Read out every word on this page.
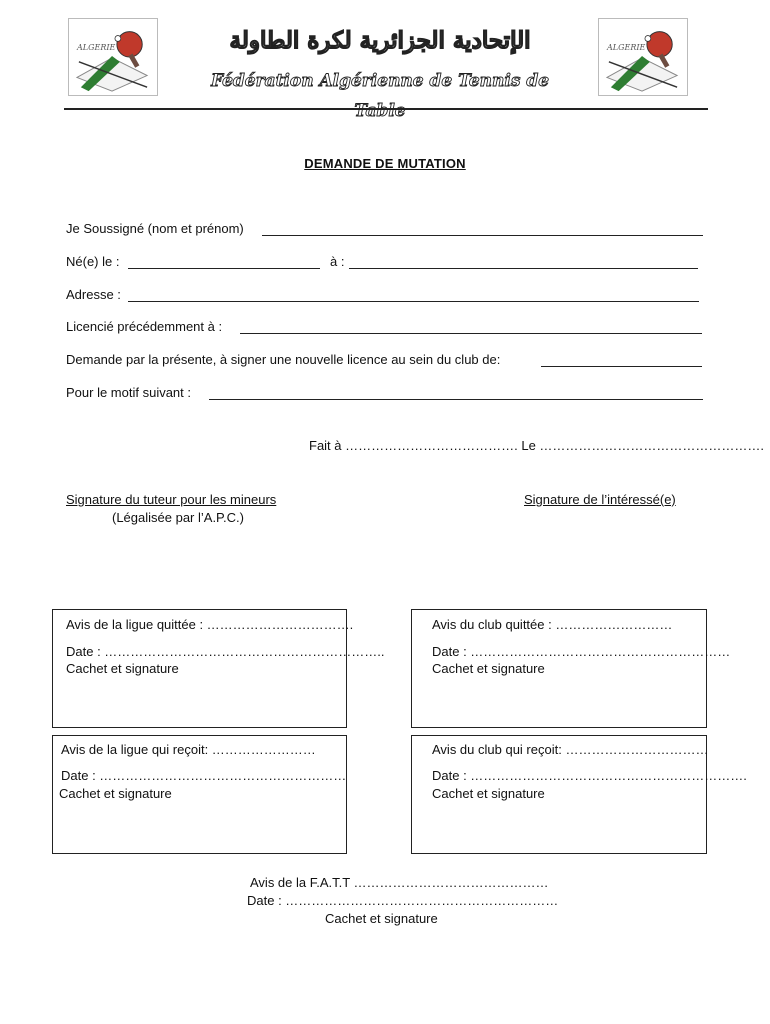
ALGERIE	ALGERIE
الإتحادية الجزائرية لكرة الطاولة
Fédération Algérienne de Tennis de Table
DEMANDE DE MUTATION
Je Soussigné (nom et prénom)
Né(e) le :	à :
Adresse :
Licencié précédemment à :
Demande par la présente, à signer une nouvelle licence au sein du club de:
Pour le motif suivant :
Fait à …………………………………. Le …………………………………………….
Signature du tuteur pour les mineurs
(Légalisée par l’A.P.C.)
Signature de l’intéressé(e)
Avis de la ligue quittée : …………………………….
Date : ………………………………………………………..
Cachet et signature
Avis du club quittée : ………………………
Date : ……………………………………………………
Cachet et signature
Avis de la ligue qui reçoit: ……………………
Date : …………………………………………………
Cachet et signature
Avis du club qui reçoit: ……………………………
Date : ……………………………………………………….
Cachet et signature
Avis de la F.A.T.T ………………………………………
Date : ………………………………………………………
Cachet et signature
